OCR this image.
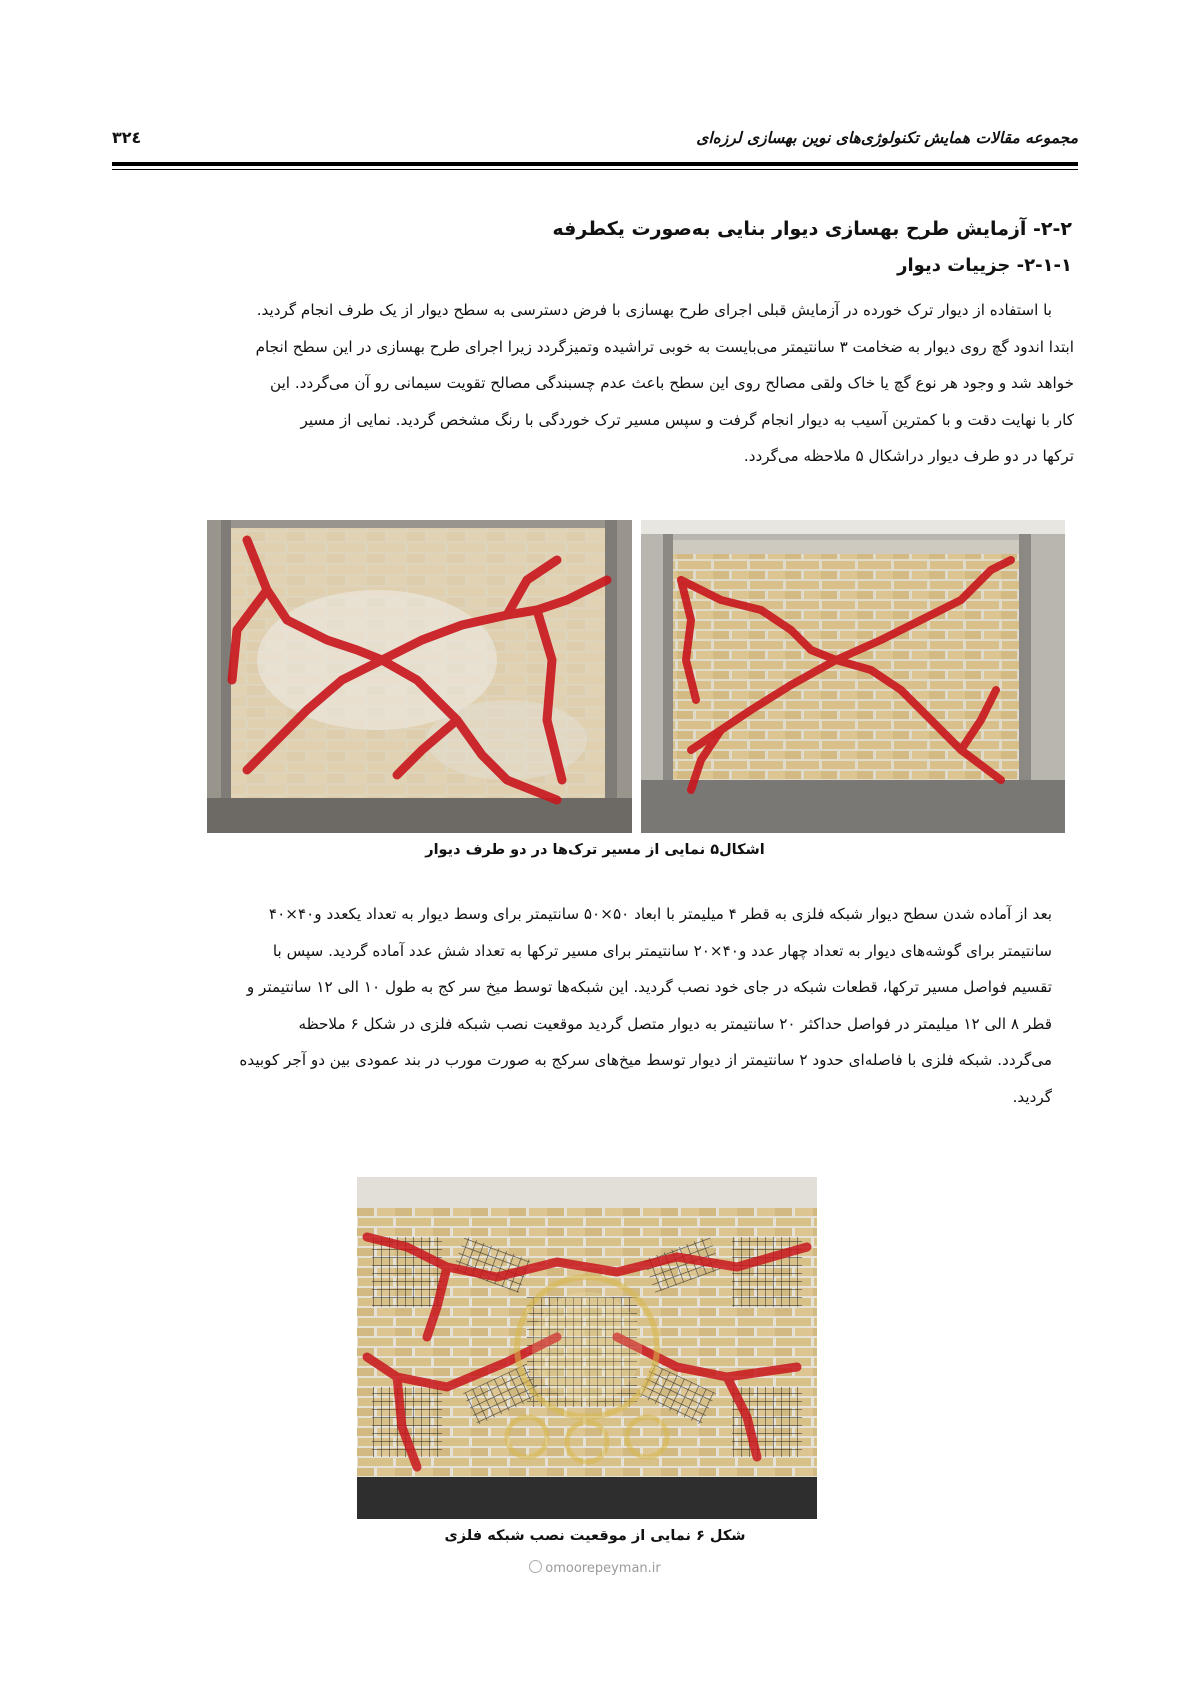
مجموعه مقالات همایش تکنولوژی‌های نوین بهسازی لرزه‌ای
۳۲٤
۲-۲- آزمایش طرح بهسازی دیوار بنایی به‌صورت یکطرفه
۲-۱-۱- جزییات دیوار
با استفاده از دیوار ترک خورده در آزمایش قبلی اجرای طرح بهسازی با فرض دسترسی به سطح دیوار از یک طرف انجام گردید.
ابتدا اندود گچ روی دیوار به ضخامت ۳ سانتیمتر می‌بایست به خوبی تراشیده وتمیزگردد زیرا اجرای طرح بهسازی در این سطح انجام
خواهد شد و وجود هر نوع گچ یا خاک ولقی مصالح روی این سطح باعث عدم چسبندگی مصالح تقویت سیمانی رو آن می‌گردد. این
کار با نهایت دقت و با کمترین آسیب به دیوار انجام گرفت و سپس مسیر ترک خوردگی با رنگ مشخص گردید. نمایی از مسیر
ترکها در دو طرف دیوار دراشکال ۵ ملاحظه می‌گردد.
اشکال۵ نمایی از مسیر ترک‌ها در دو طرف دیوار
بعد از آماده شدن سطح دیوار شبکه فلزی به قطر ۴ میلیمتر با ابعاد ۵۰×۵۰ سانتیمتر برای وسط دیوار به تعداد یکعدد و۴۰×۴۰
سانتیمتر برای گوشه‌های دیوار به تعداد چهار عدد و۴۰×۲۰ سانتیمتر برای مسیر ترکها به تعداد شش عدد آماده گردید. سپس با
تقسیم فواصل مسیر ترکها، قطعات شبکه در جای خود نصب گردید. این شبکه‌ها توسط میخ سر کج به طول ۱۰ الی ۱۲ سانتیمتر و
قطر ۸ الی ۱۲ میلیمتر در فواصل حداکثر ۲۰ سانتیمتر به دیوار متصل گردید موقعیت نصب شبکه فلزی در شکل ۶ ملاحظه
می‌گردد. شبکه فلزی با فاصله‌ای حدود ۲ سانتیمتر از دیوار توسط میخ‌های سرکج به صورت مورب در بند عمودی بین دو آجر کوبیده
گردید.
شکل ۶ نمایی از موقعیت نصب شبکه فلزی
omoorepeyman.ir
